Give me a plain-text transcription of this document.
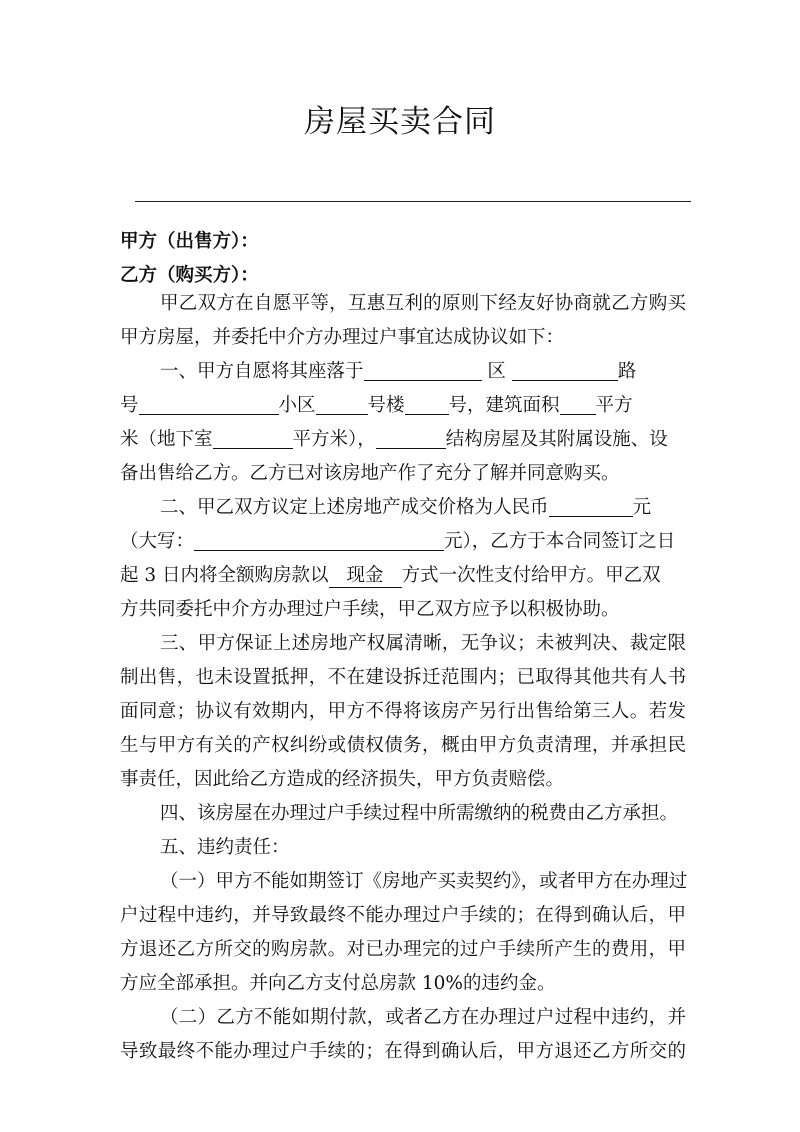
房屋买卖合同
甲方（出售方）：
乙方（购买方）：
甲乙双方在自愿平等，互惠互利的原则下经友好协商就乙方购买
甲方房屋，并委托中介方办理过户事宜达成协议如下：
一、甲方自愿将其座落于	区	路
号	小区	号楼 号，建筑面积 平方
米（地下室	平方米），	结构房屋及其附属设施、设
备出售给乙方。乙方已对该房地产作了充分了解并同意购买。
二、甲乙双方议定上述房地产成交价格为人民币	元
（大写：	元），乙方于本合同签订之日
起 3 日内将全额购房款以 现金 方式一次性支付给甲方。甲乙双
方共同委托中介方办理过户手续，甲乙双方应予以积极协助。
三、甲方保证上述房地产权属清晰，无争议；未被判决、裁定限
制出售，也未设置抵押，不在建设拆迁范围内；已取得其他共有人书
面同意；协议有效期内，甲方不得将该房产另行出售给第三人。若发
生与甲方有关的产权纠纷或债权债务，概由甲方负责清理，并承担民
事责任，因此给乙方造成的经济损失，甲方负责赔偿。
四、该房屋在办理过户手续过程中所需缴纳的税费由乙方承担。
五、违约责任：
（一）甲方不能如期签订《房地产买卖契约》，或者甲方在办理过
户过程中违约，并导致最终不能办理过户手续的；在得到确认后，甲
方退还乙方所交的购房款。对已办理完的过户手续所产生的费用，甲
方应全部承担。并向乙方支付总房款 10%的违约金。
（二）乙方不能如期付款，或者乙方在办理过户过程中违约，并
导致最终不能办理过户手续的；在得到确认后，甲方退还乙方所交的
